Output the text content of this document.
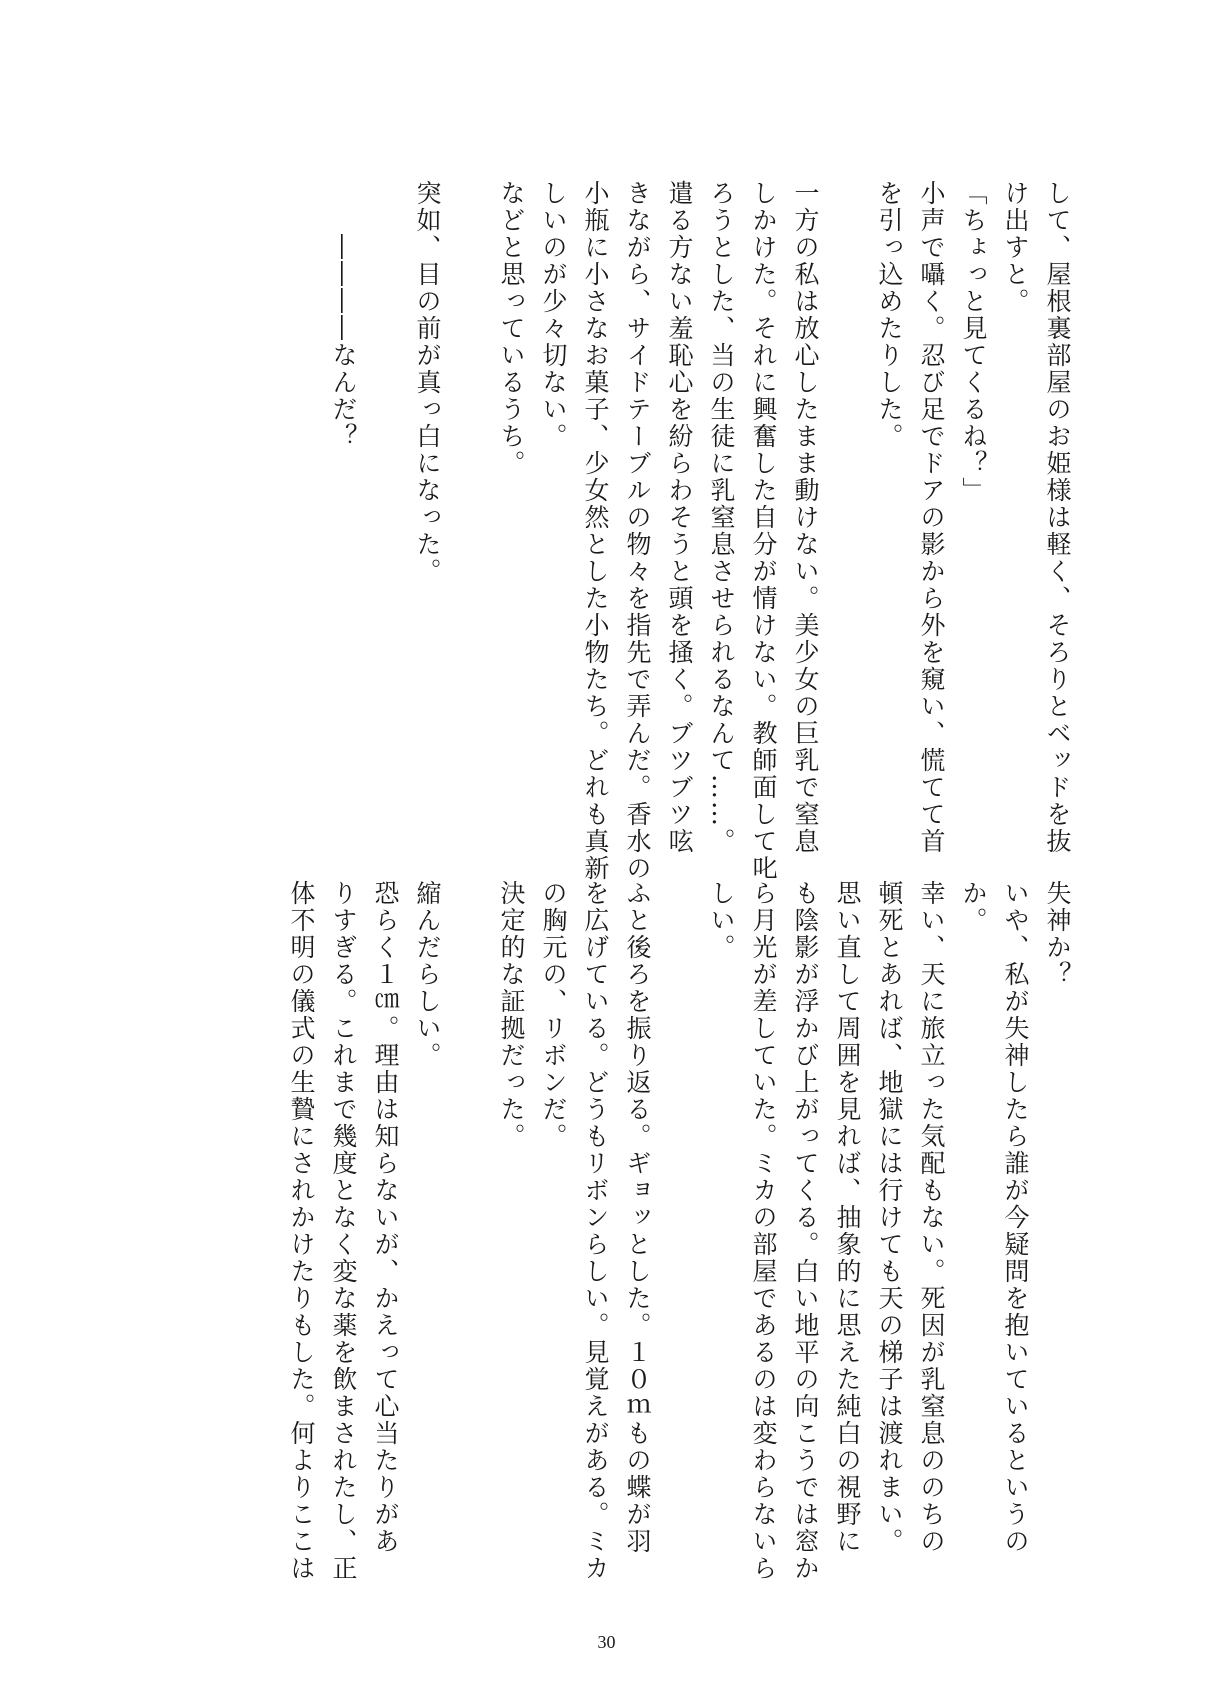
して、屋根裏部屋のお姫様は軽く、そろりとベッドを抜

け出すと。

「ちょっと見てくるね？」

小声で囁く。忍び足でドアの影から外を窺い、慌てて首

を引っ込めたりした。

一方の私は放心したまま動けない。美少女の巨乳で窒息

しかけた。それに興奮した自分が情けない。教師面して叱

ろうとした、当の生徒に乳窒息させられるなんて……。

遣る方ない羞恥心を紛らわそうと頭を掻く。ブツブツ呟

きながら、サイドテーブルの物々を指先で弄んだ。香水の

小瓶に小さなお菓子、少女然とした小物たち。どれも真新

しいのが少々切ない。

などと思っているうち。

突如、目の前が真っ白になった。

　　――――なんだ？

失神か？

いや、私が失神したら誰が今疑問を抱いているというの

か。

幸い、天に旅立った気配もない。死因が乳窒息ののちの

頓死とあれば、地獄には行けても天の梯子は渡れまい。

思い直して周囲を見れば、抽象的に思えた純白の視野に

も陰影が浮かび上がってくる。白い地平の向こうでは窓か

ら月光が差していた。ミカの部屋であるのは変わらないら

しい。

ふと後ろを振り返る。ギョッとした。１０ｍもの蝶が羽

を広げている。どうもリボンらしい。見覚えがある。ミカ

の胸元の、リボンだ。

決定的な証拠だった。

縮んだらしい。

恐らく１㎝。理由は知らないが、かえって心当たりがあ

りすぎる。これまで幾度となく変な薬を飲まされたし、正

体不明の儀式の生贄にされかけたりもした。何よりここは

30
